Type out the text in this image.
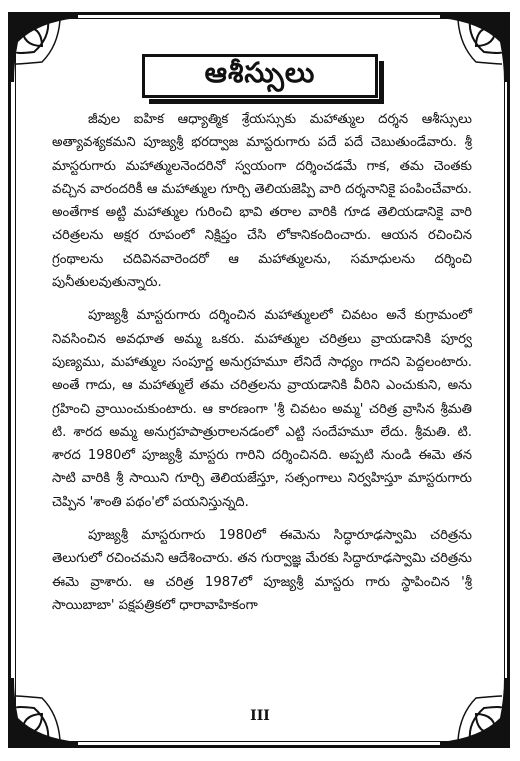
ఆశీస్సులు

జీవుల ఐహిక ఆధ్యాత్మిక శ్రేయస్సుకు మహాత్ముల దర్శన ఆశీస్సులు అత్యావశ్యకమని పూజ్యశ్రీ భరద్వాజ మాస్టరుగారు పదే పదే చెబుతుండేవారు. శ్రీ మాస్టరుగారు మహాత్ములనెందరినో స్వయంగా దర్శించడమే గాక, తమ చెంతకు వచ్చిన వారందరికీ ఆ మహాత్ముల గూర్చి తెలియజెప్పి వారి దర్శనానికై పంపించేవారు. అంతేగాక అట్టి మహాత్ముల గురించి భావి తరాల వారికి గూడ తెలియడానికై వారి చరిత్రలను అక్షర రూపంలో నిక్షిప్తం చేసి లోకానికందించారు. ఆయన రచించిన గ్రంథాలను చదివినవారెందరో ఆ మహాత్ములను, సమాధులను దర్శించి పునీతులవుతున్నారు.

పూజ్యశ్రీ మాస్టరుగారు దర్శించిన మహాత్ములలో చివటం అనే కుగ్రామంలో నివసించిన అవధూత అమ్మ ఒకరు. మహాత్ముల చరిత్రలు వ్రాయడానికి పూర్వ పుణ్యము, మహాత్ముల సంపూర్ణ అనుగ్రహమూ లేనిదే సాధ్యం గాదని పెద్దలంటారు. అంతే గాదు, ఆ మహాత్ములే తమ చరిత్రలను వ్రాయడానికి వీరిని ఎంచుకుని, అను గ్రహించి వ్రాయించుకుంటారు. ఆ కారణంగా 'శ్రీ చివటం అమ్మ' చరిత్ర వ్రాసిన శ్రీమతి టి. శారద అమ్మ అనుగ్రహపాత్రురాలనడంలో ఎట్టి సందేహమూ లేదు. శ్రీమతి. టి. శారద 1980లో పూజ్యశ్రీ మాస్టరు గారిని దర్శించినది. అప్పటి నుండి ఈమె తన సాటి వారికి శ్రీ సాయిని గూర్చి తెలియజేస్తూ, సత్సంగాలు నిర్వహిస్తూ మాస్టరుగారు చెప్పిన 'శాంతి పథం'లో పయనిస్తున్నది.

పూజ్యశ్రీ మాస్టరుగారు 1980లో ఈమెను సిద్ధారూఢస్వామి చరిత్రను తెలుగులో రచించమని ఆదేశించారు. తన గుర్వాజ్ఞ మేరకు సిద్ధారూఢస్వామి చరిత్రను ఈమె వ్రాశారు. ఆ చరిత్ర 1987లో పూజ్యశ్రీ మాస్టరు గారు స్థాపించిన 'శ్రీ సాయిబాబా' పక్షపత్రికలో ధారావాహికంగా

III
